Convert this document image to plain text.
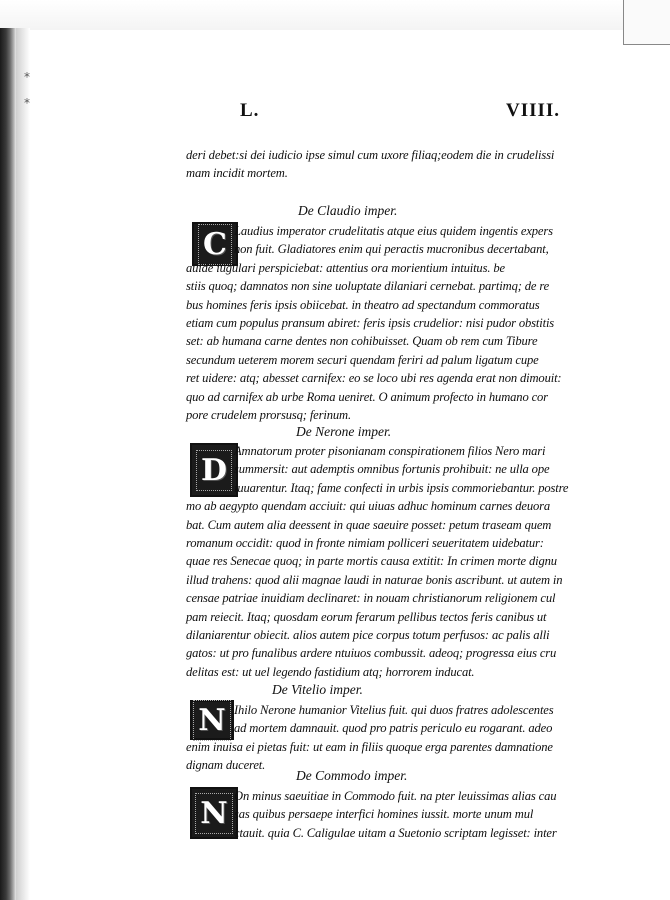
*
*	L.	VIIII.
deri debet:si dei iudicio ipse simul cum uxore filiaq;eodem die in crudelissi
mam incidit mortem.
De Claudio imper.
C Laudius imperator crudelitatis atque eius quidem ingentis expers
non fuit. Gladiatores enim qui peractis mucronibus decertabant,
auide iugulari perspiciebat: attentius ora morientium intuitus. be
stiis quoq; damnatos non sine uoluptate dilaniari cernebat. partimq; de re
bus homines feris ipsis obiicebat. in theatro ad spectandum commoratus
etiam cum populus pransum abiret: feris ipsis crudelior: nisi pudor obstitis
set: ab humana carne dentes non cohibuisset. Quam ob rem cum Tibure
secundum ueterem morem securi quendam feriri ad palum ligatum cupe
ret uidere: atq; abesset carnifex: eo se loco ubi res agenda erat non dimouit:
quo ad carnifex ab urbe Roma ueniret. O animum profecto in humano cor
pore crudelem prorsusq; ferinum.
De Nerone imper.
D
Amnatorum proter pisonianam conspirationem filios Nero mari
summersit: aut ademptis omnibus fortunis prohibuit: ne ulla ope
iuuarentur. Itaq; fame confecti in urbis ipsis commoriebantur. postre
mo ab aegypto quendam acciuit: qui uiuas adhuc hominum carnes deuora
bat. Cum autem alia deessent in quae saeuire posset: petum traseam quem
romanum occidit: quod in fronte nimiam polliceri seueritatem uidebatur:
quae res Senecae quoq; in parte mortis causa extitit: In crimen morte dignu
illud trahens: quod alii magnae laudi in naturae bonis ascribunt. ut autem in
censae patriae inuidiam declinaret: in nouam christianorum religionem cul
pam reiecit. Itaq; quosdam eorum ferarum pellibus tectos feris canibus ut
dilaniarentur obiecit. alios autem pice corpus totum perfusos: ac palis alli
gatos: ut pro funalibus ardere ntuiuos combussit. adeoq; progressa eius cru
delitas est: ut uel legendo fastidium atq; horrorem inducat.
De Vitelio imper.
N Ihilo Nerone humanior Vitelius fuit. qui duos fratres adolescentes
ad mortem damnauit. quod pro patris periculo eu rogarant. adeo
enim inuisa ei pietas fuit: ut eam in filiis quoque erga parentes damnatione
dignam duceret.
De Commodo imper.
N On minus saeuitiae in Commodo fuit. na pter leuissimas alias cau
sas quibus persaepe interfici homines iussit. morte unum mul
ctauit. quia C. Caligulae uitam a Suetonio scriptam legisset: inter
